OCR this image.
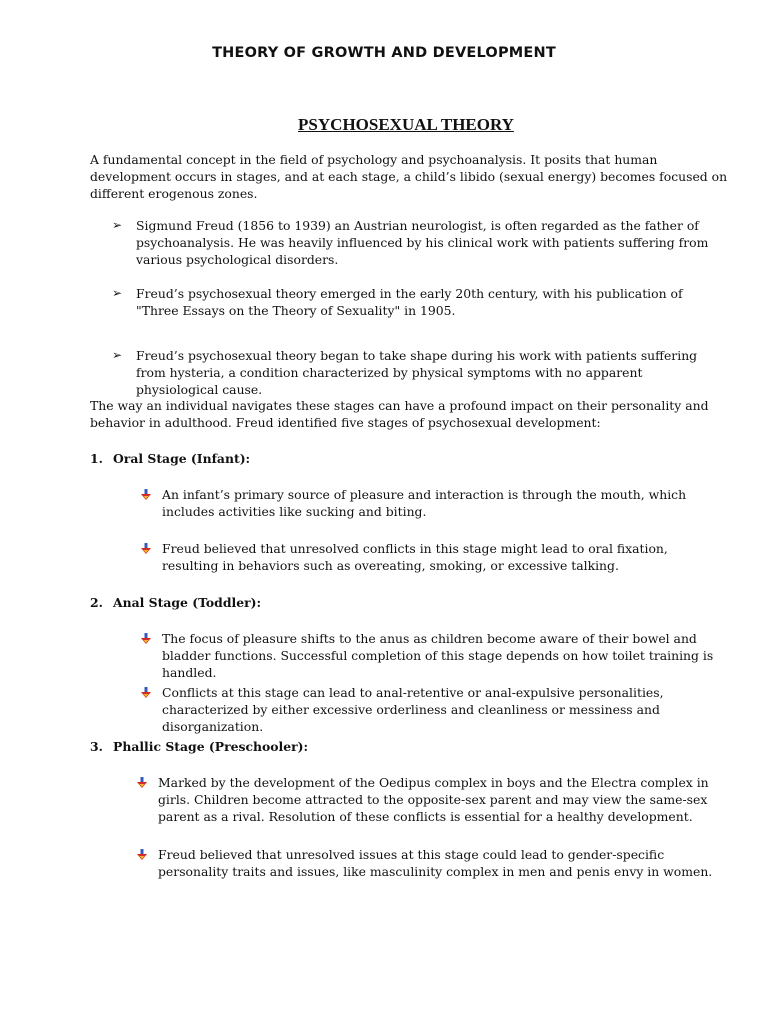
THEORY OF GROWTH AND DEVELOPMENT
PSYCHOSEXUAL THEORY
A fundamental concept in the field of psychology and psychoanalysis. It posits that human development occurs in stages, and at each stage, a child’s libido (sexual energy) becomes focused on different erogenous zones.
➢ Sigmund Freud (1856 to 1939) an Austrian neurologist, is often regarded as the father of psychoanalysis. He was heavily influenced by his clinical work with patients suffering from various psychological disorders.
➢ Freud’s psychosexual theory emerged in the early 20th century, with his publication of "Three Essays on the Theory of Sexuality" in 1905.
➢ Freud’s psychosexual theory began to take shape during his work with patients suffering from hysteria, a condition characterized by physical symptoms with no apparent physiological cause.
The way an individual navigates these stages can have a profound impact on their personality and behavior in adulthood. Freud identified five stages of psychosexual development:
1. Oral Stage (Infant):
An infant’s primary source of pleasure and interaction is through the mouth, which includes activities like sucking and biting.
Freud believed that unresolved conflicts in this stage might lead to oral fixation, resulting in behaviors such as overeating, smoking, or excessive talking.
2. Anal Stage (Toddler):
The focus of pleasure shifts to the anus as children become aware of their bowel and bladder functions. Successful completion of this stage depends on how toilet training is handled.
Conflicts at this stage can lead to anal-retentive or anal-expulsive personalities, characterized by either excessive orderliness and cleanliness or messiness and disorganization.
3. Phallic Stage (Preschooler):
Marked by the development of the Oedipus complex in boys and the Electra complex in girls. Children become attracted to the opposite-sex parent and may view the same-sex parent as a rival. Resolution of these conflicts is essential for a healthy development.
Freud believed that unresolved issues at this stage could lead to gender-specific personality traits and issues, like masculinity complex in men and penis envy in women.
